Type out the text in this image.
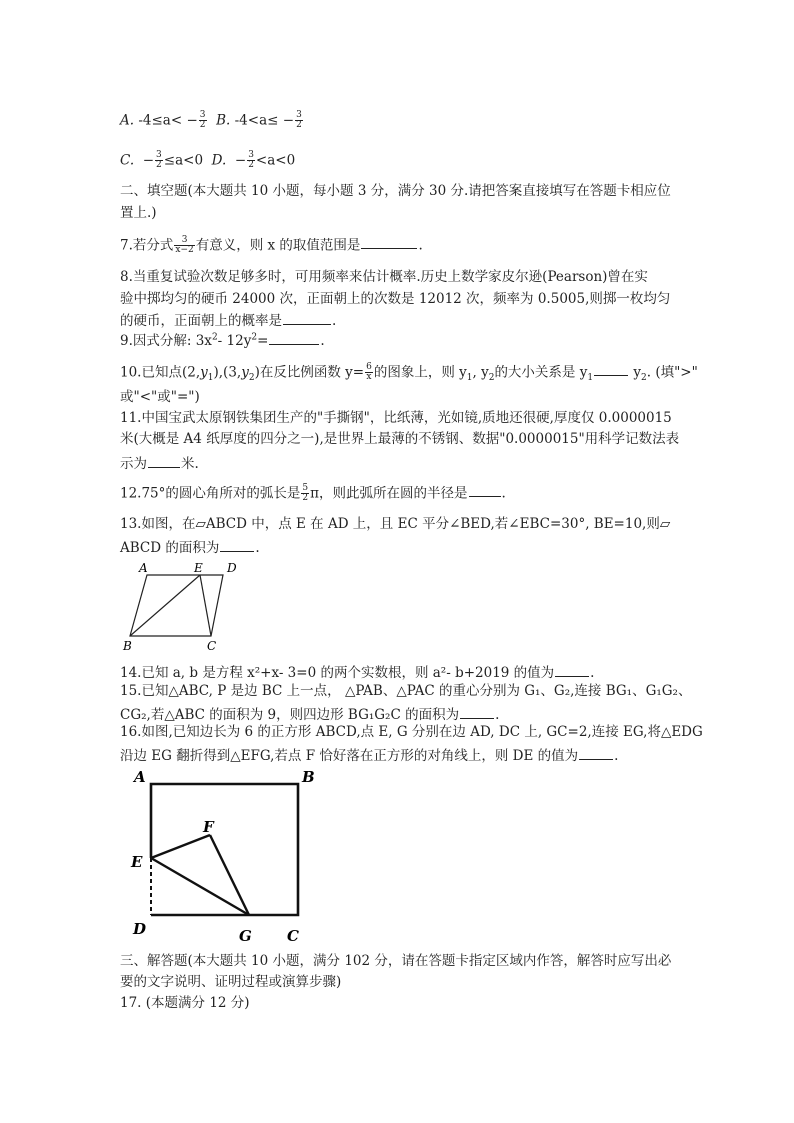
A. $-4\le a< - \frac{3}{2} B$. $-4<a\le - \frac{3}{2}$
C.  − $\frac{3}{2} \le a<0$ D.  − $\frac{3}{2} <a<0$
二、填空题(本大题共 10 小题，每小题 3 分，满分 30 分.请把答案直接填写在答题卡相应位
置上.)
7.若分式 $\frac{3}{x-2}$ 有意义，则 x 的取值范围是	.
8.当重复试验次数足够多时，可用频率来估计概率.历史上数学家皮尔逊(Pearson)曾在实
验中掷均匀的硬币 24000 次，正面朝上的次数是 12012 次，频率为 0.5005,则掷一枚均匀
的硬币，正面朝上的概率是	.
9.因式分解: $3x^2-$ $12y^2=$	.
10.已知点$(2,y_1),(3,y_2)$在反比例函数 $y= \frac{6}{x}$ 的图象上，则 $y_1$, $y_2$的大小关系是 $y_1$	$y_2$. (填">"
或"<"或"=")
11.中国宝武太原钢铁集团生产的"手撕钢"，比纸薄，光如镜,质地还很硬,厚度仅 0.0000015
米(大概是 A4 纸厚度的四分之一),是世界上最薄的不锈钢、数据"0.0000015"用科学记数法表
示为	米.
12.75°的圆心角所对的弧长是 $\frac{5}{2}$ π，则此弧所在圆的半径是	.
13.如图，在▱ABCD 中，点 E 在 AD 上，且 EC 平分∠BED,若∠EBC=30°, BE=10,则▱
ABCD 的面积为	.
A	E D
B	C
14.已知 a, b 是方程 x²+x- 3=0 的两个实数根，则 a²- b+2019 的值为	.
15.已知△ABC, P 是边 BC 上一点， △PAB、△PAC 的重心分别为 G₁、G₂,连接 BG₁、G₁G₂、
CG₂,若△ABC 的面积为 9，则四边形 BG₁G₂C 的面积为	.
16.如图,已知边长为 6 的正方形 ABCD,点 E, G 分别在边 AD, DC 上, GC=2,连接 EG,将△EDG
沿边 EG 翻折得到△EFG,若点 F 恰好落在正方形的对角线上，则 DE 的值为	.
A	B
F
E
D	G C
三、解答题(本大题共 10 小题，满分 102 分，请在答题卡指定区域内作答，解答时应写出必
要的文字说明、证明过程或演算步骤)
17. (本题满分 12 分)
